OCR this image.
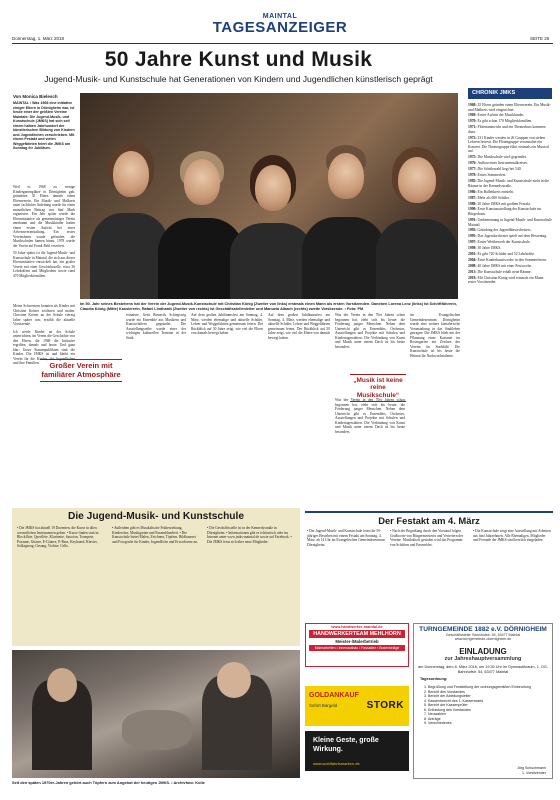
Donnerstag, 1. März 2018
MAINTAL
TAGESANZEIGER
SEITE 25
50 Jahre Kunst und Musik
Jugend-Musik- und Kunstschule hat Generationen von Kindern und Jugendlichen künstlerisch geprägt
Von Monica Bielesch
MAINTAL • Was 1968 eine Initiative einiger Eltern in Dörnigheim war, ist heute einer der größten Vereine Maintals: Die Jugend-Musik- und Kunstschule (JMKS) hat sich seit einem halben Jahrhundert der künstlerischen Bildung von Kindern und Jugendlichen verschrieben. Mit einem Festakt und vielen Weggefährten feiert die JMKS am Sonntag ihr Jubiläum.
Im 50. Jahr seines Bestehens hat der Verein der Jugend-Musik-Kunstschule mit Christian König (Zweiter von links) erstmals einen Mann als ersten Vorsitzenden. Daneben Lorena Lenz (links) Ist Schriftführerin, Claudia König (Mitte) Kassiererin, Rafael Lindhardt (Zweiter von rechts) ist Geschäftsstellenleiter und Manuela Albach (rechts) zweite Vorsitzende. • Foto: PM
Weil es 1968 zu wenige Kindergartenplätze in Dörnigheim gab, gründeten 35 Eltern damals einen Elternverein. Ein Musik- und Malkreis unter fachlicher Anleitung wurde für einen monatlichen Beitrag von fünf Mark organisiert. Ein Jahr später wurde die Elterninitiative als gemeinnütziger Verein anerkannt und die Musikkinder hatten einen ersten Auftritt bei einer Adventsveranstaltung. Ein erstes Vereinsheim wurde gefunden, die Musikschulen kamen hinzu. 1978 wurde der Verein auf Frank Behl erweitert.
50 Jahre später ist die Jugend-Musik- und Kunstschule in Maintal, die sich aus dieser Elterninitiative entwickelt hat, ein großer Verein mit einer Geschäftsstelle, etwa 36 Lehrkräften und Mitgliedern sowie rund 470 Mitgliedsfamilien.
Meine Schwestern konnten als Kinder mit Christine Kröner zeichnen und malen, Christine Kröner an der Schule vierzig Jahre später war, erzählt die aktuelle Vorsitzende.
Ich werde Kinder an der Schule unterrichten, im Verein die Geschichte von den Eltern, die 1968 die Initiative ergriffen, damals und heute. Und ganz klar: Unser Stammpublikum sind die Kinder. Die JMKS ist und bleibt ein Verein für die Kinder, die Jugendlichen und ihre Familien.	Großer Verein mit familiärer Atmosphäre
erinnerte, Gerti Bienerth, Schiegswig wurde ein Ensemble aus Musikern und Kunstschülern gegründet. Die Ausstellungsreihe wurde einer der wichtigen kulturellen Termine in der Stadt.
Auf dem großen Jubiläumsfest am Sonntag, 4. März, werden ehemalige und aktuelle Schüler, Lehrer und Weggefährten gemeinsam feiern. Der Rückblick auf 50 Jahre zeigt, wie viel die Eltern von damals bewegt haben.
Auf dem großen Jubiläumsfest am Sonntag, 4. März, werden ehemalige und aktuelle Schüler, Lehrer und Weggefährten gemeinsam feiern. Der Rückblick auf 50 Jahre zeigt, wie viel die Eltern von damals bewegt haben.
Was der Verein in den 70er Jahren schon begonnen hat, zieht sich bis heute: die Förderung junger Menschen. Neben dem Unterricht gibt es Ensembles, Orchester, Ausstellungen und Projekte mit Schulen und Kindertagesstätten. Die Verbindung von Kunst und Musik unter einem Dach ist bis heute besonders.
„Musik ist keine reine Musikschule“
Was der Verein in den 70er Jahren schon begonnen hat, zieht sich bis heute: die Förderung junger Menschen. Neben dem Unterricht gibt es Ensembles, Orchester, Ausstellungen und Projekte mit Schulen und Kindertagesstätten. Die Verbindung von Kunst und Musik unter einem Dach ist bis heute besonders.
im Evangelischen Gemeindezentrum Dörnigheim wurde eine weitere künstlerische Veranstaltung in das Stadtleben getragen. Die JMKS blieb mit der Pflanzung einer Kastanie im Rosengarten ein Zeichen des Vereins im Stadtbild. Die Kunstschule ist bis heute die Heimat für Nachwuchstalente.
CHRONIK JMKS

1968: 35 Eltern gründen einen Elternverein. Ein Musik- und Malkreis wird eingerichtet.

1969: Erster Auftritt der Musikkinder.

1970: Es gibt schon 170 Mitgliedsfamilien.

1971: Flötenunterricht und ein Theaterkurs kommen dazu.

1972: 231 Kinder werden in 26 Gruppen von sieben Lehrern betreut. Die Flötengruppe veranstaltet ein Konzert. Die Theatergruppe führt erstmals ein Musical auf.

1975: Die Musikschule wird gegründet.

1976: Aufbau eines Instrumentalkreises.

1977: Die Schülerzahl liegt bei 540.

1978: Erstes Sommerfest.

1983: Die Jugend-Musik- und Kunstschule zieht in die Räume in der Kennedystraße.

1986: Ein Ballettkreis entsteht.

1987: Mehr als 600 Schüler.

1988: 20 Jahre JMKS mit großem Festakt.

1990: Erste Kunstausstellung der Kunstschule im Bürgerhaus.

1991: Umbenennung in Jugend-Musik- und Kunstschule Maintal.

1993: Gründung des Jugendblasorchesters.

1995: Das Jugendorchester spielt auf dem Hessentag.

1997: Erster Wettbewerb der Kunstschule.

1998: 30 Jahre JMKS.

2001: Es gibt 720 Schüler und 52 Lehrkräfte.

2004: Erste Kinderkunstwoche in den Sommerferien.

2008: 40 Jahre JMKS mit einer Festwoche.

2013: Die Kunstschule erhält neue Räume.

2018: Mit Christian König wird erstmals ein Mann erster Vorsitzender.

Die Jugend-Musik- und Kunstschule
• Die JMKS hat aktuell 19 Dozenten, die Kurse in allen wesentlichen Instrumenten geben. • Kurse finden statt in: Blockflöte, Querflöte, Klarinette, Saxofon, Trompete, Posaune, Gitarre, E-Gitarre, E-Bass, Keyboard, Klavier, Schlagzeug, Gesang, Violine, Cello.
• Außerdem gibt es Musikalische Früherziehung, Kinderchor, Musikgarten und Ensemblearbeit. • Die Kunstschule bietet Malen, Zeichnen, Töpfern, Bildhauerei und Fotografie für Kinder, Jugendliche und Erwachsene an.
• Die Geschäftsstelle ist in der Kennedystraße in Dörnigheim. • Informationen gibt es telefonisch oder im Internet unter www.jmks-maintal.de sowie auf Facebook. • Die JMKS freut sich über neue Mitglieder.
Seit den späten 1970er-Jahren gehört auch Töpfern zum Angebot der heutigen JMKS. • Archivfoto: Kolle
Der Festakt am 4. März
• Der Jugend-Musik- und Kunstschule feiert ihr 50-jähriges Bestehen mit einem Festakt am Sonntag, 4. März, ab 14 Uhr im Evangelischen Gemeindezentrum Dörnigheim.
• Nach der Begrüßung durch den Vorstand folgen Grußworte von Bürgermeisterin und Vertretern der Vereine. Musikalisch gestaltet wird das Programm von Schülern und Ensembles.
• Die Kunstschule zeigt eine Ausstellung mit Arbeiten aus fünf Jahrzehnten. Alle Ehemaligen, Mitglieder und Freunde der JMKS sind herzlich eingeladen.
www.handwerker-maintal.de
HANDWERKERTEAM MEHLHORN
Meister-/Malerbetrieb
Malerarbeiten • Innenausbau • Fassaden • Bodenbeläge
GOLDANKAUF
Sofort Bargeld	STORK
Kleine Geste, große Wirkung.
www.wohlfahrtsmarken.de
TURNGEMEINDE 1882 e.V. DÖRNIGHEIM
Geschäftsstelle: Bahnhofstr. 54, 63477 Maintal
www.turngemeinde-doernigheim.de
EINLADUNG
zur Jahreshauptversammlung
am Donnerstag, dem 8. März 2018, um 19.30 Uhr im Gymnastikraum, 1. OG, Bahnhofstr. 54, 63477 Maintal
Tagesordnung:
1. Begrüßung und Feststellung der ordnungsgemäßen Einberufung
2. Bericht des Vorstandes
3. Bericht der Abteilungsleiter
4. Kassenbericht des 1. Kassenwarts
5. Bericht der Kassenprüfer
6. Entlastung des Vorstandes
7. Neuwahlen
8. Anträge
9. Verschiedenes
Jörg Schuchmann
1. Vorsitzender
